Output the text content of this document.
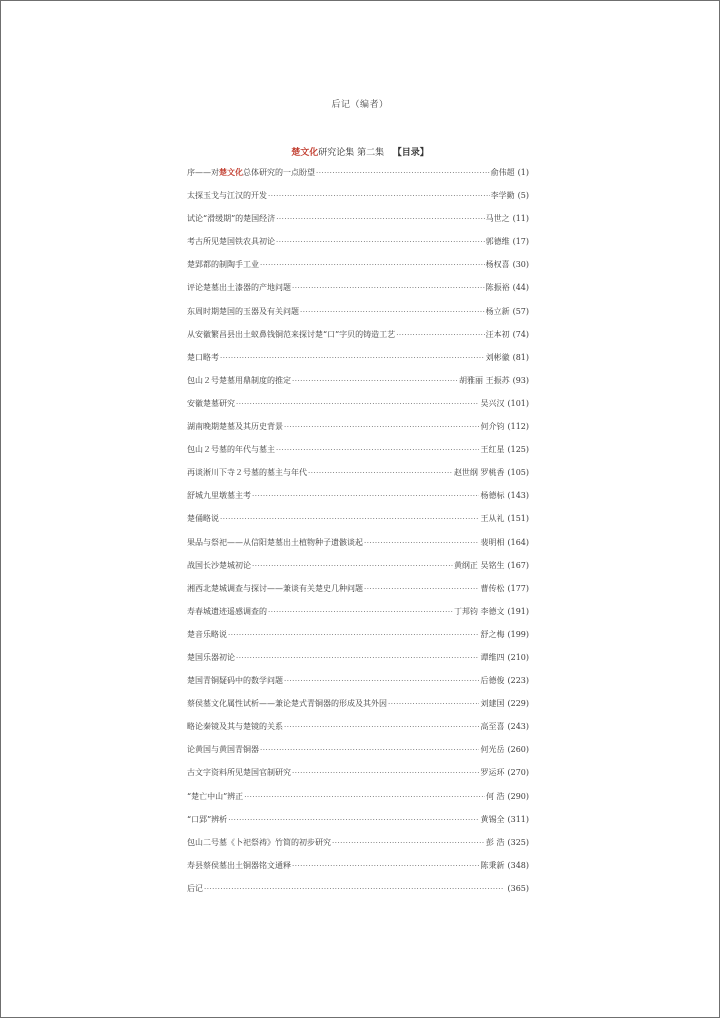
后记（编者）
楚文化研究论集 第二集 【目录】
序——对楚文化总体研究的一点盼望 ·····	俞伟超 (1)
太探玉戈与江汉的开发 ·····	李学勤 (5)
试论“滑缓期”的楚国经济 ·····	马世之 (11)
考古所见楚国铁农具初论 ·····	郭德维 (17)
楚郢都的制陶手工业 ·····	杨权喜 (30)
评论楚墓出土漆器的产地问题 ·····	陈振裕 (44)
东周时期楚国的玉器及有关问题 ·····	杨立新 (57)
从安徽繁昌县出土蚁鼻钱铜范来探讨楚“口”字贝的铸造工艺 ·····	汪本初 (74)
楚口略考 ·····	刘彬徽 (81)
包山２号楚墓用鼎制度的推定 ·····	胡雅丽 王振苏 (93)
安徽楚墓研究 ·····	吴兴汉 (101)
湖南晚期楚墓及其历史背景 ·····	何介钧 (112)
包山２号墓的年代与墓主 ·····	王红星 (125)
再谈淅川下寺２号墓的墓主与年代 ·····	赵世纲 罗桃香 (105)
舒城九里墩墓主考 ·····	杨德标 (143)
楚俑略说 ·····	王从礼 (151)
果品与祭祀——从信阳楚墓出土植物种子遗骸谈起 ·····	裴明相 (164)
战国长沙楚城初论 ·····	黄纲正 吴铭生 (167)
湘西北楚城调查与探讨——兼谈有关楚史几种问题 ·····	曹传松 (177)
寿春城遗迹遥感调查的 ·····	丁邦钧 李德文 (191)
楚音乐略说 ·····	舒之梅 (199)
楚国乐器初论 ·····	谭维四 (210)
楚国青铜疑码中的数学问题 ·····	后德俊 (223)
蔡侯墓文化属性试析——兼论楚式青铜器的形成及其外因 ·····	刘建国 (229)
略论秦镜及其与楚镜的关系 ·····	高至喜 (243)
论黄国与黄国青铜器 ·····	何光岳 (260)
古文字资料所见楚国官制研究 ·····	罗运环 (270)
“楚亡中山”辨正 ·····	何 浩 (290)
“口郢”辨析 ·····	黄锡全 (311)
包山二号墓《卜祀祭祷》竹简的初步研究 ·····	彭 浩 (325)
寿县蔡侯墓出土铜器铭文通释 ·····	陈秉新 (348)
后记 ·····	(365)
